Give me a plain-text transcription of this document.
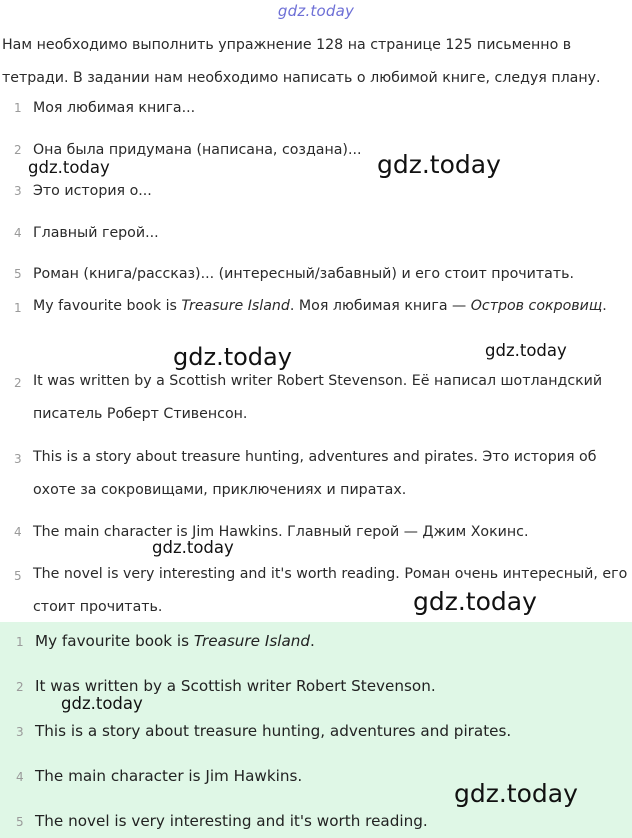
gdz.today
Нам необходимо выполнить упражнение 128 на странице 125 письменно в тетради. В задании нам необходимо написать о любимой книге, следуя плану.
1 Моя любимая книга...
2 Она была придумана (написана, создана)...
3 Это история о...
4 Главный герой...
5 Роман (книга/рассказ)... (интересный/забавный) и его стоит прочитать.
1 My favourite book is Treasure Island. Моя любимая книга — Остров сокровищ.
2 It was written by a Scottish writer Robert Stevenson. Её написал шотландский писатель Роберт Стивенсон.
3 This is a story about treasure hunting, adventures and pirates. Это история об охоте за сокровищами, приключениях и пиратах.
4 The main character is Jim Hawkins. Главный герой — Джим Хокинс.
5 The novel is very interesting and it's worth reading. Роман очень интересный, его стоит прочитать.
1 My favourite book is Treasure Island.
2 It was written by a Scottish writer Robert Stevenson.
3 This is a story about treasure hunting, adventures and pirates.
4 The main character is Jim Hawkins.
5 The novel is very interesting and it's worth reading.
gdz.today	gdz.today
gdz.today	gdz.today
gdz.today
gdz.today
gdz.today
gdz.today
